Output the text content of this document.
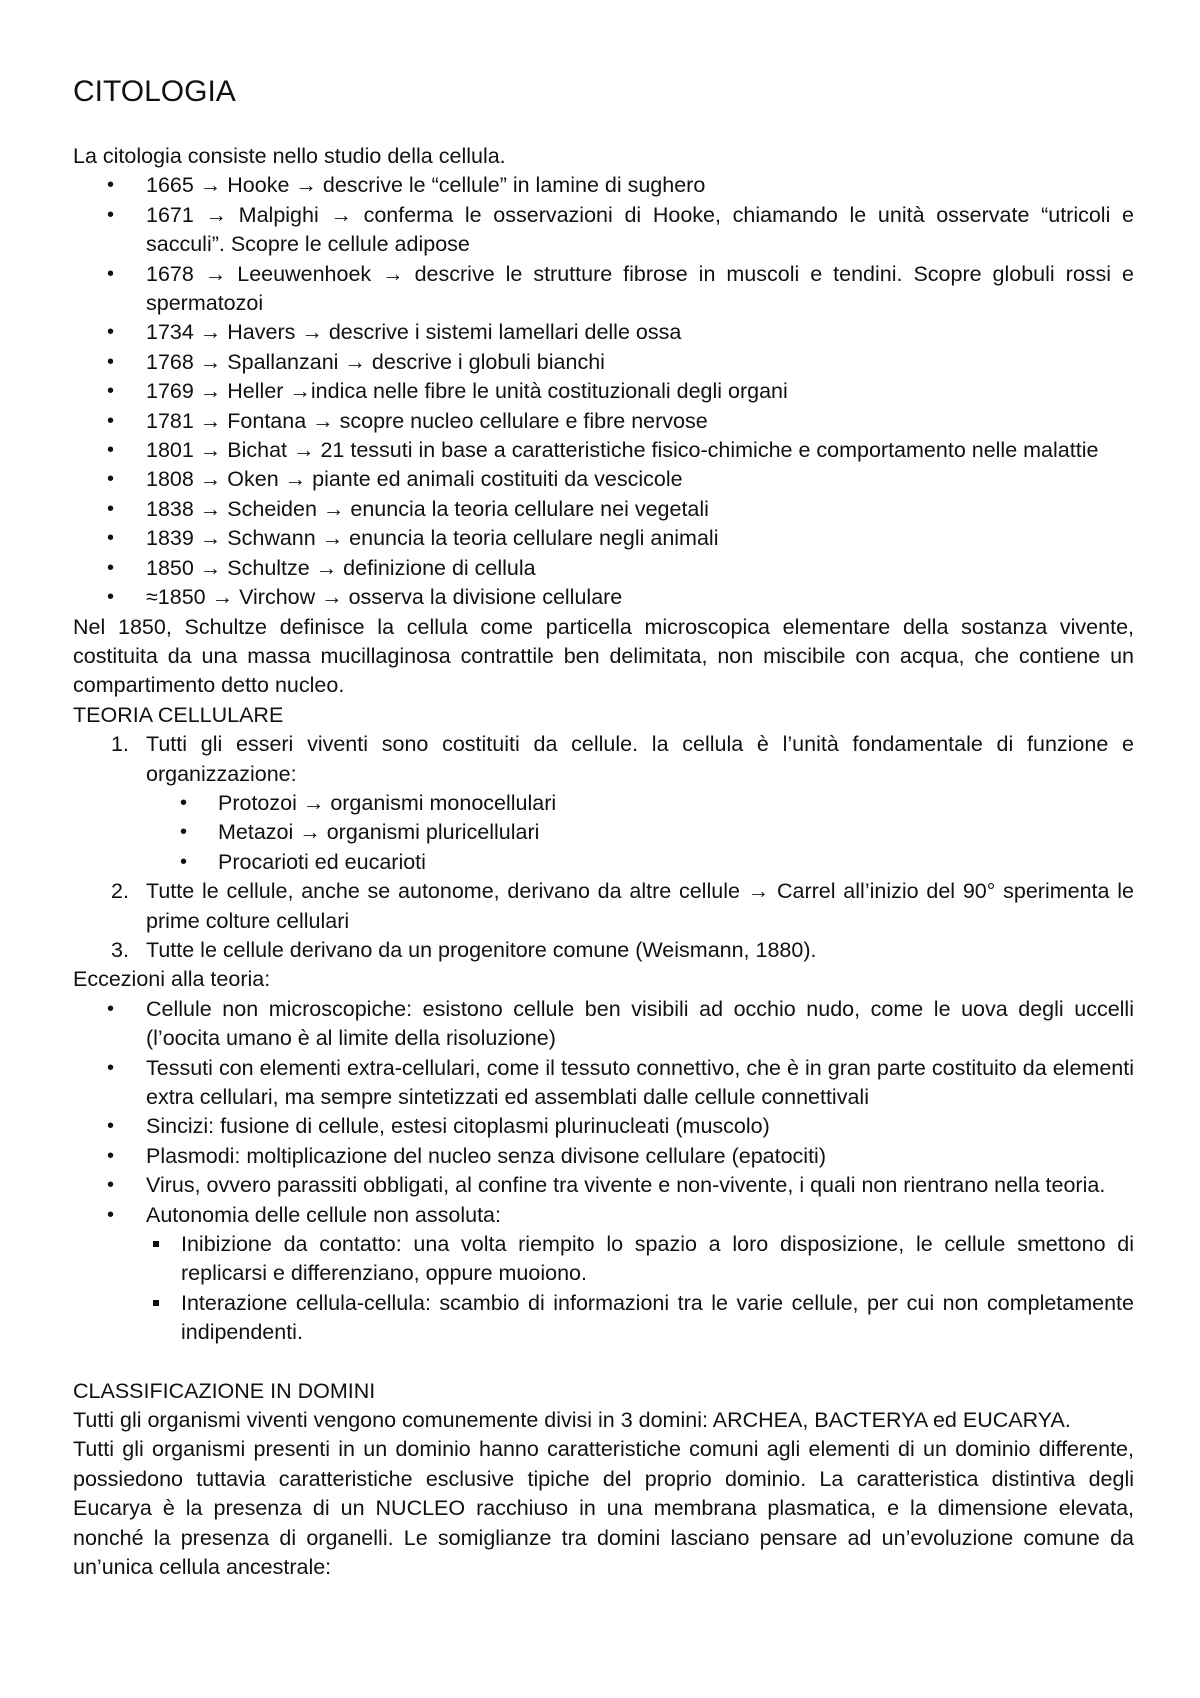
CITOLOGIA

La citologia consiste nello studio della cellula.

• 1665 → Hooke → descrive le “cellule” in lamine di sughero
• 1671 → Malpighi → conferma le osservazioni di Hooke, chiamando le unità osservate “utricoli e sacculi”. Scopre le cellule adipose
• 1678 → Leeuwenhoek → descrive le strutture fibrose in muscoli e tendini. Scopre globuli rossi e spermatozoi
• 1734 → Havers → descrive i sistemi lamellari delle ossa
• 1768 → Spallanzani → descrive i globuli bianchi
• 1769 → Heller →indica nelle fibre le unità costituzionali degli organi
• 1781 → Fontana → scopre nucleo cellulare e fibre nervose
• 1801 → Bichat → 21 tessuti in base a caratteristiche fisico-chimiche e comportamento nelle malattie
• 1808 → Oken → piante ed animali costituiti da vescicole
• 1838 → Scheiden → enuncia la teoria cellulare nei vegetali
• 1839 → Schwann → enuncia la teoria cellulare negli animali
• 1850 → Schultze → definizione di cellula
• ≈1850 → Virchow → osserva la divisione cellulare

Nel 1850, Schultze definisce la cellula come particella microscopica elementare della sostanza vivente, costituita da una massa mucillaginosa contrattile ben delimitata, non miscibile con acqua, che contiene un compartimento detto nucleo.

TEORIA CELLULARE

1. Tutti gli esseri viventi sono costituiti da cellule. la cellula è l’unità fondamentale di funzione e organizzazione:
• Protozoi → organismi monocellulari
• Metazoi → organismi pluricellulari
• Procarioti ed eucarioti
2. Tutte le cellule, anche se autonome, derivano da altre cellule → Carrel all’inizio del 90° sperimenta le prime colture cellulari
3. Tutte le cellule derivano da un progenitore comune (Weismann, 1880).

Eccezioni alla teoria:

• Cellule non microscopiche: esistono cellule ben visibili ad occhio nudo, come le uova degli uccelli (l’oocita umano è al limite della risoluzione)
• Tessuti con elementi extra-cellulari, come il tessuto connettivo, che è in gran parte costituito da elementi extra cellulari, ma sempre sintetizzati ed assemblati dalle cellule connettivali
• Sincizi: fusione di cellule, estesi citoplasmi plurinucleati (muscolo)
• Plasmodi: moltiplicazione del nucleo senza divisone cellulare (epatociti)
• Virus, ovvero parassiti obbligati, al confine tra vivente e non-vivente, i quali non rientrano nella teoria.
• Autonomia delle cellule non assoluta:
Inibizione da contatto: una volta riempito lo spazio a loro disposizione, le cellule smettono di replicarsi e differenziano, oppure muoiono.
Interazione cellula-cellula: scambio di informazioni tra le varie cellule, per cui non completamente indipendenti.

CLASSIFICAZIONE IN DOMINI

Tutti gli organismi viventi vengono comunemente divisi in 3 domini: ARCHEA, BACTERYA ed EUCARYA.

Tutti gli organismi presenti in un dominio hanno caratteristiche comuni agli elementi di un dominio differente, possiedono tuttavia caratteristiche esclusive tipiche del proprio dominio. La caratteristica distintiva degli Eucarya è la presenza di un NUCLEO racchiuso in una membrana plasmatica, e la dimensione elevata, nonché la presenza di organelli. Le somiglianze tra domini lasciano pensare ad un’evoluzione comune da un’unica cellula ancestrale:
